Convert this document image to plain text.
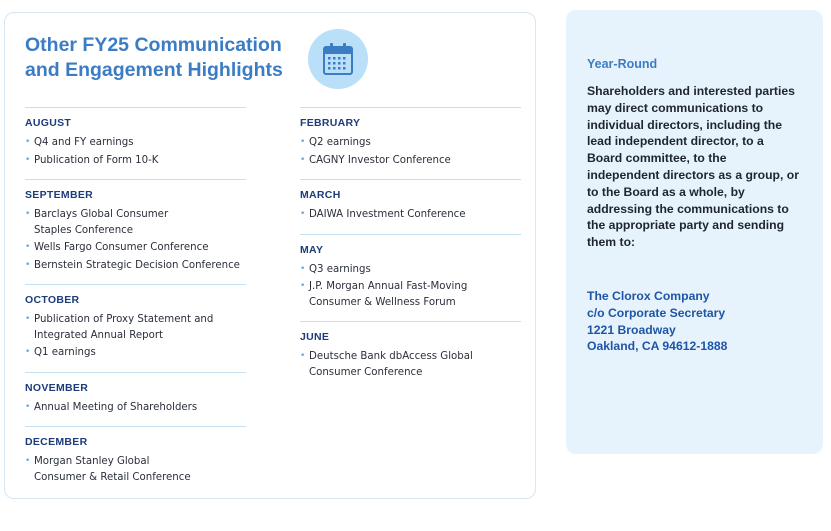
Other FY25 Communication and Engagement Highlights
AUGUST
• Q4 and FY earnings
• Publication of Form 10-K
SEPTEMBER
• Barclays Global Consumer Staples Conference
• Wells Fargo Consumer Conference
• Bernstein Strategic Decision Conference
OCTOBER
• Publication of Proxy Statement and Integrated Annual Report
• Q1 earnings
NOVEMBER
• Annual Meeting of Shareholders
DECEMBER
• Morgan Stanley Global Consumer & Retail Conference
FEBRUARY
• Q2 earnings
• CAGNY Investor Conference
MARCH
• DAIWA Investment Conference
MAY
• Q3 earnings
• J.P. Morgan Annual Fast-Moving Consumer & Wellness Forum
JUNE
• Deutsche Bank dbAccess Global Consumer Conference
Year-Round
Shareholders and interested parties may direct communications to individual directors, including the lead independent director, to a Board committee, to the independent directors as a group, or to the Board as a whole, by addressing the communications to the appropriate party and sending them to:
The Clorox Company
c/o Corporate Secretary
1221 Broadway
Oakland, CA 94612-1888
